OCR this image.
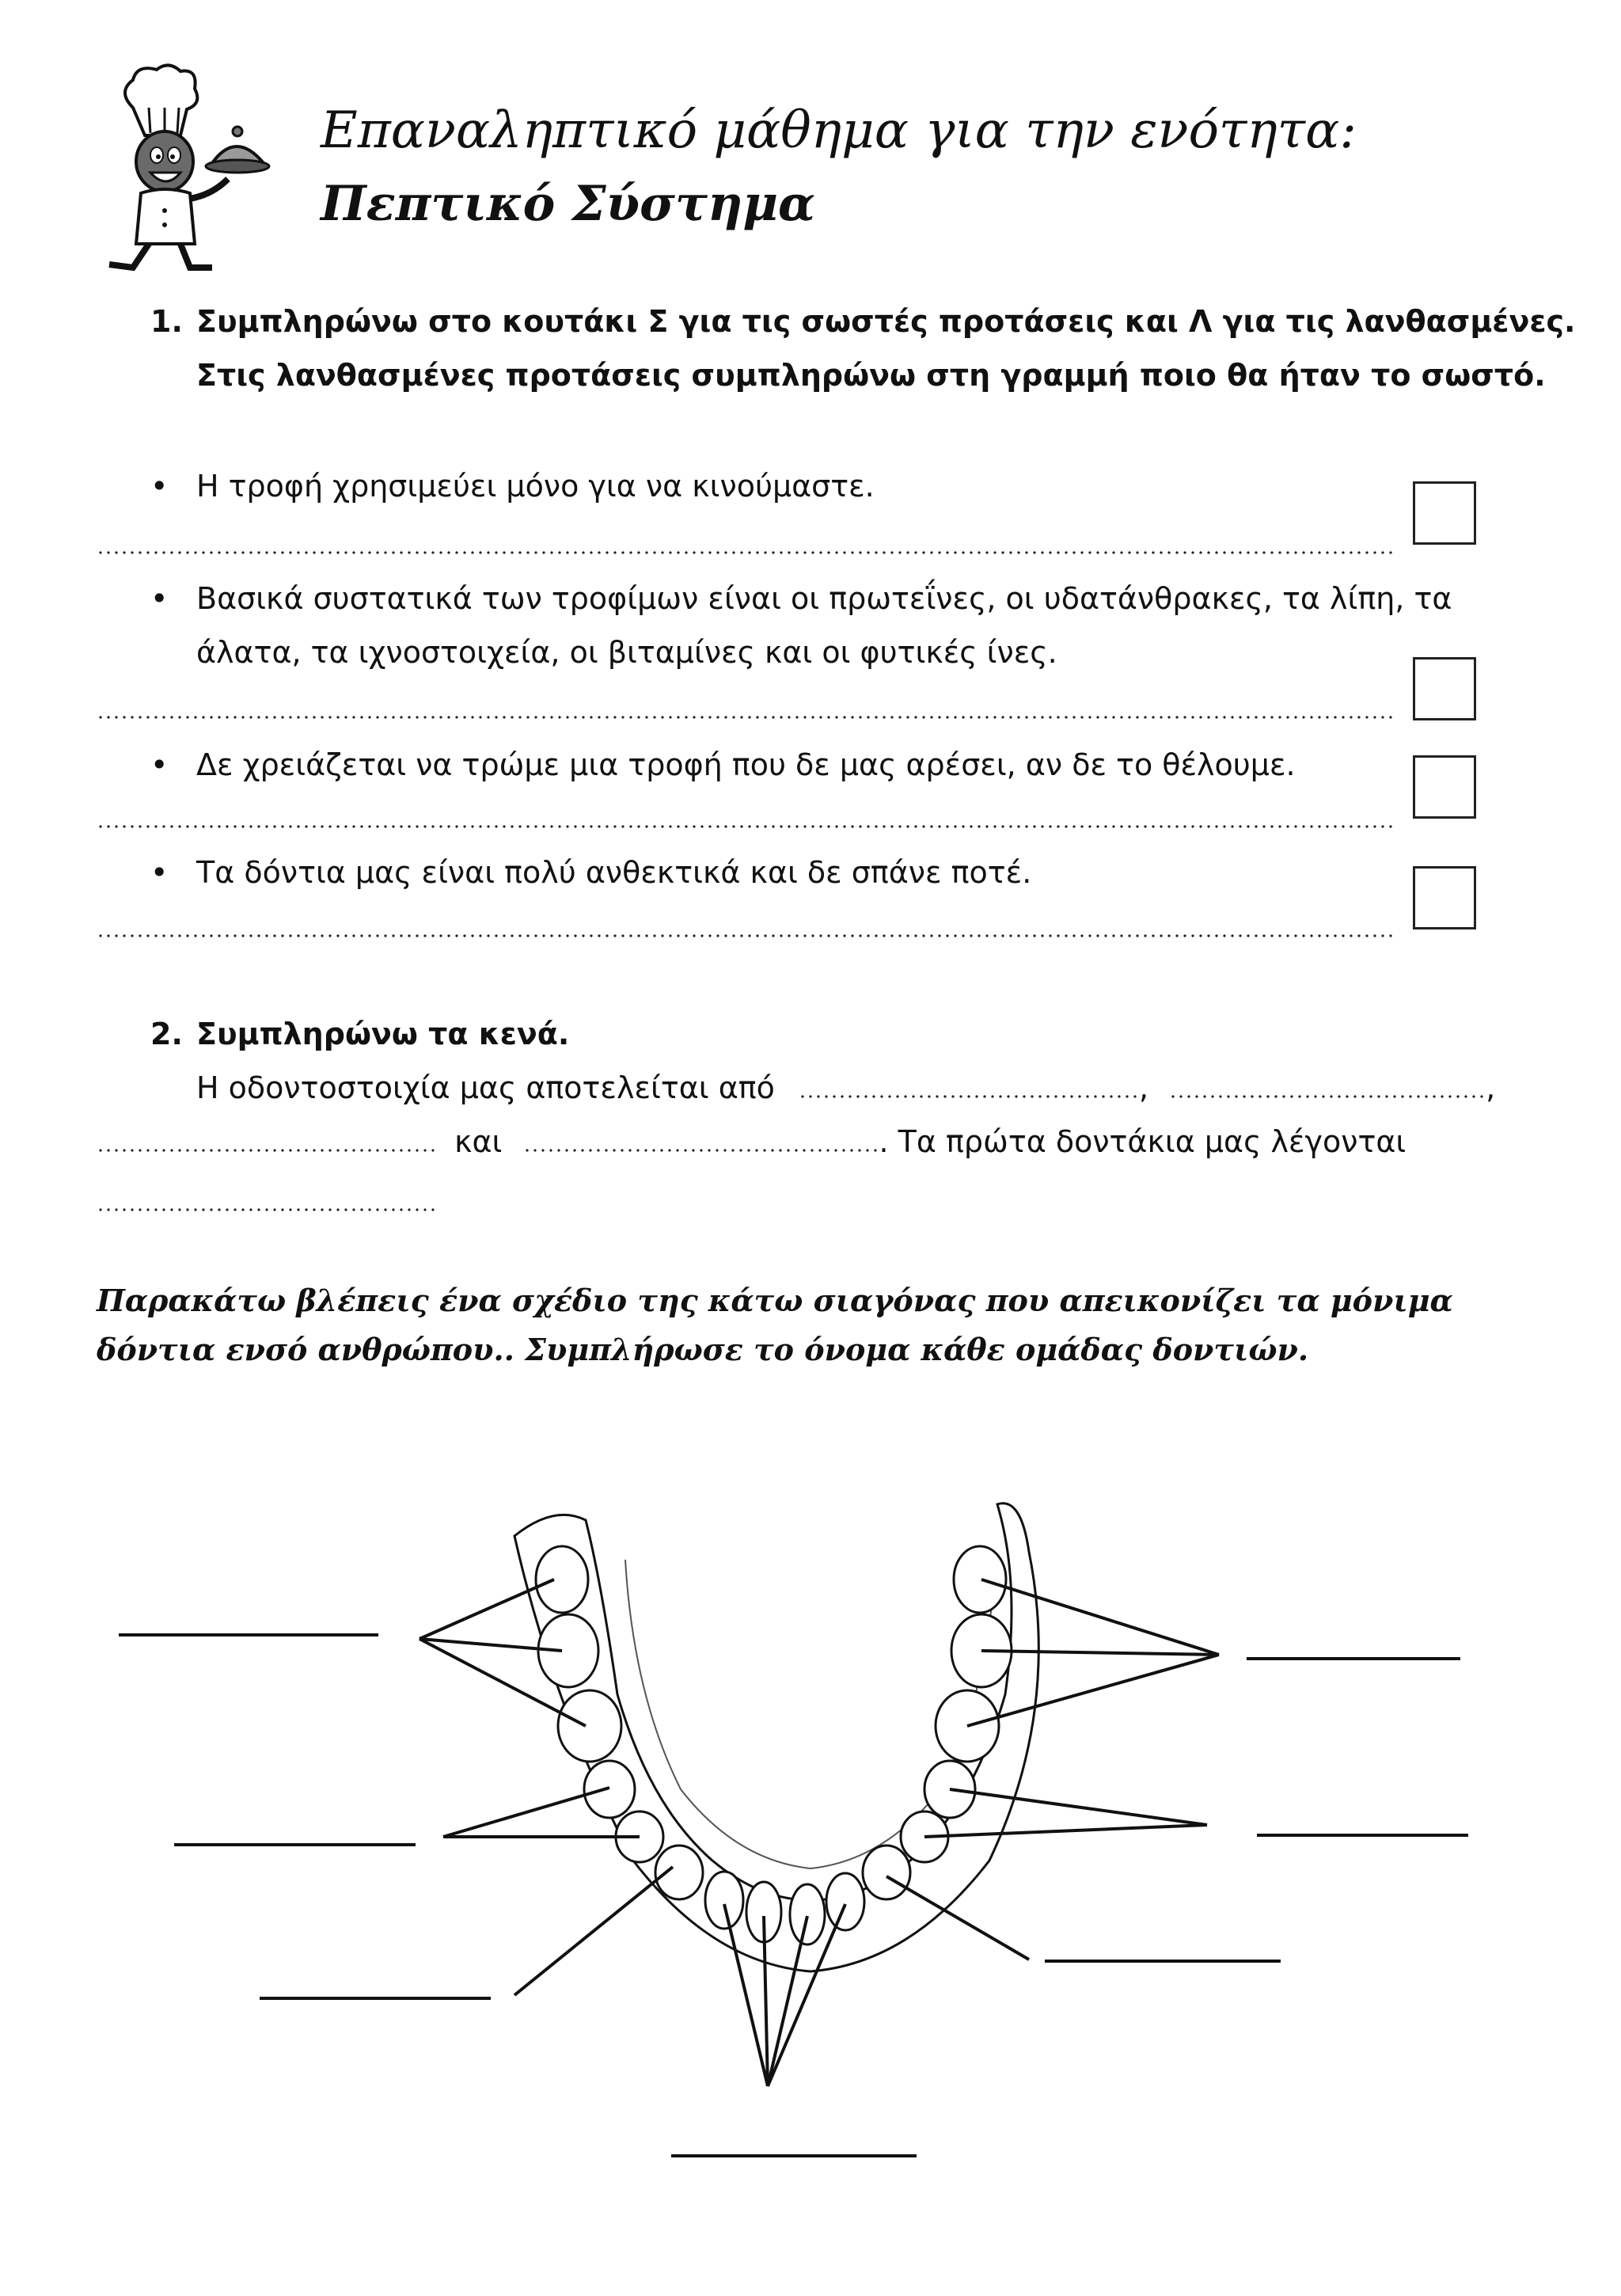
Επαναληπτικό μάθημα για την ενότητα:
Πεπτικό Σύστημα
1. Συμπληρώνω στο κουτάκι Σ για τις σωστές προτάσεις και Λ για τις λανθασμένες.
Στις λανθασμένες προτάσεις συμπληρώνω στη γραμμή ποιο θα ήταν το σωστό.
• Η τροφή χρησιμεύει μόνο για να κινούμαστε.
• Βασικά συστατικά των τροφίμων είναι οι πρωτεΐνες, οι υδατάνθρακες, τα λίπη, τα
άλατα, τα ιχνοστοιχεία, οι βιταμίνες και οι φυτικές ίνες.
• Δε χρειάζεται να τρώμε μια τροφή που δε μας αρέσει, αν δε το θέλουμε.
• Τα δόντια μας είναι πολύ ανθεκτικά και δε σπάνε ποτέ.
2. Συμπληρώνω τα κενά.
Η οδοντοστοιχία μας αποτελείται από	,	,
και	. Τα πρώτα δοντάκια μας λέγονται
Παρακάτω βλέπεις ένα σχέδιο της κάτω σιαγόνας που απεικονίζει τα μόνιμα δόντια ενσό ανθρώπου.. Συμπλήρωσε το όνομα κάθε ομάδας δοντιών.
